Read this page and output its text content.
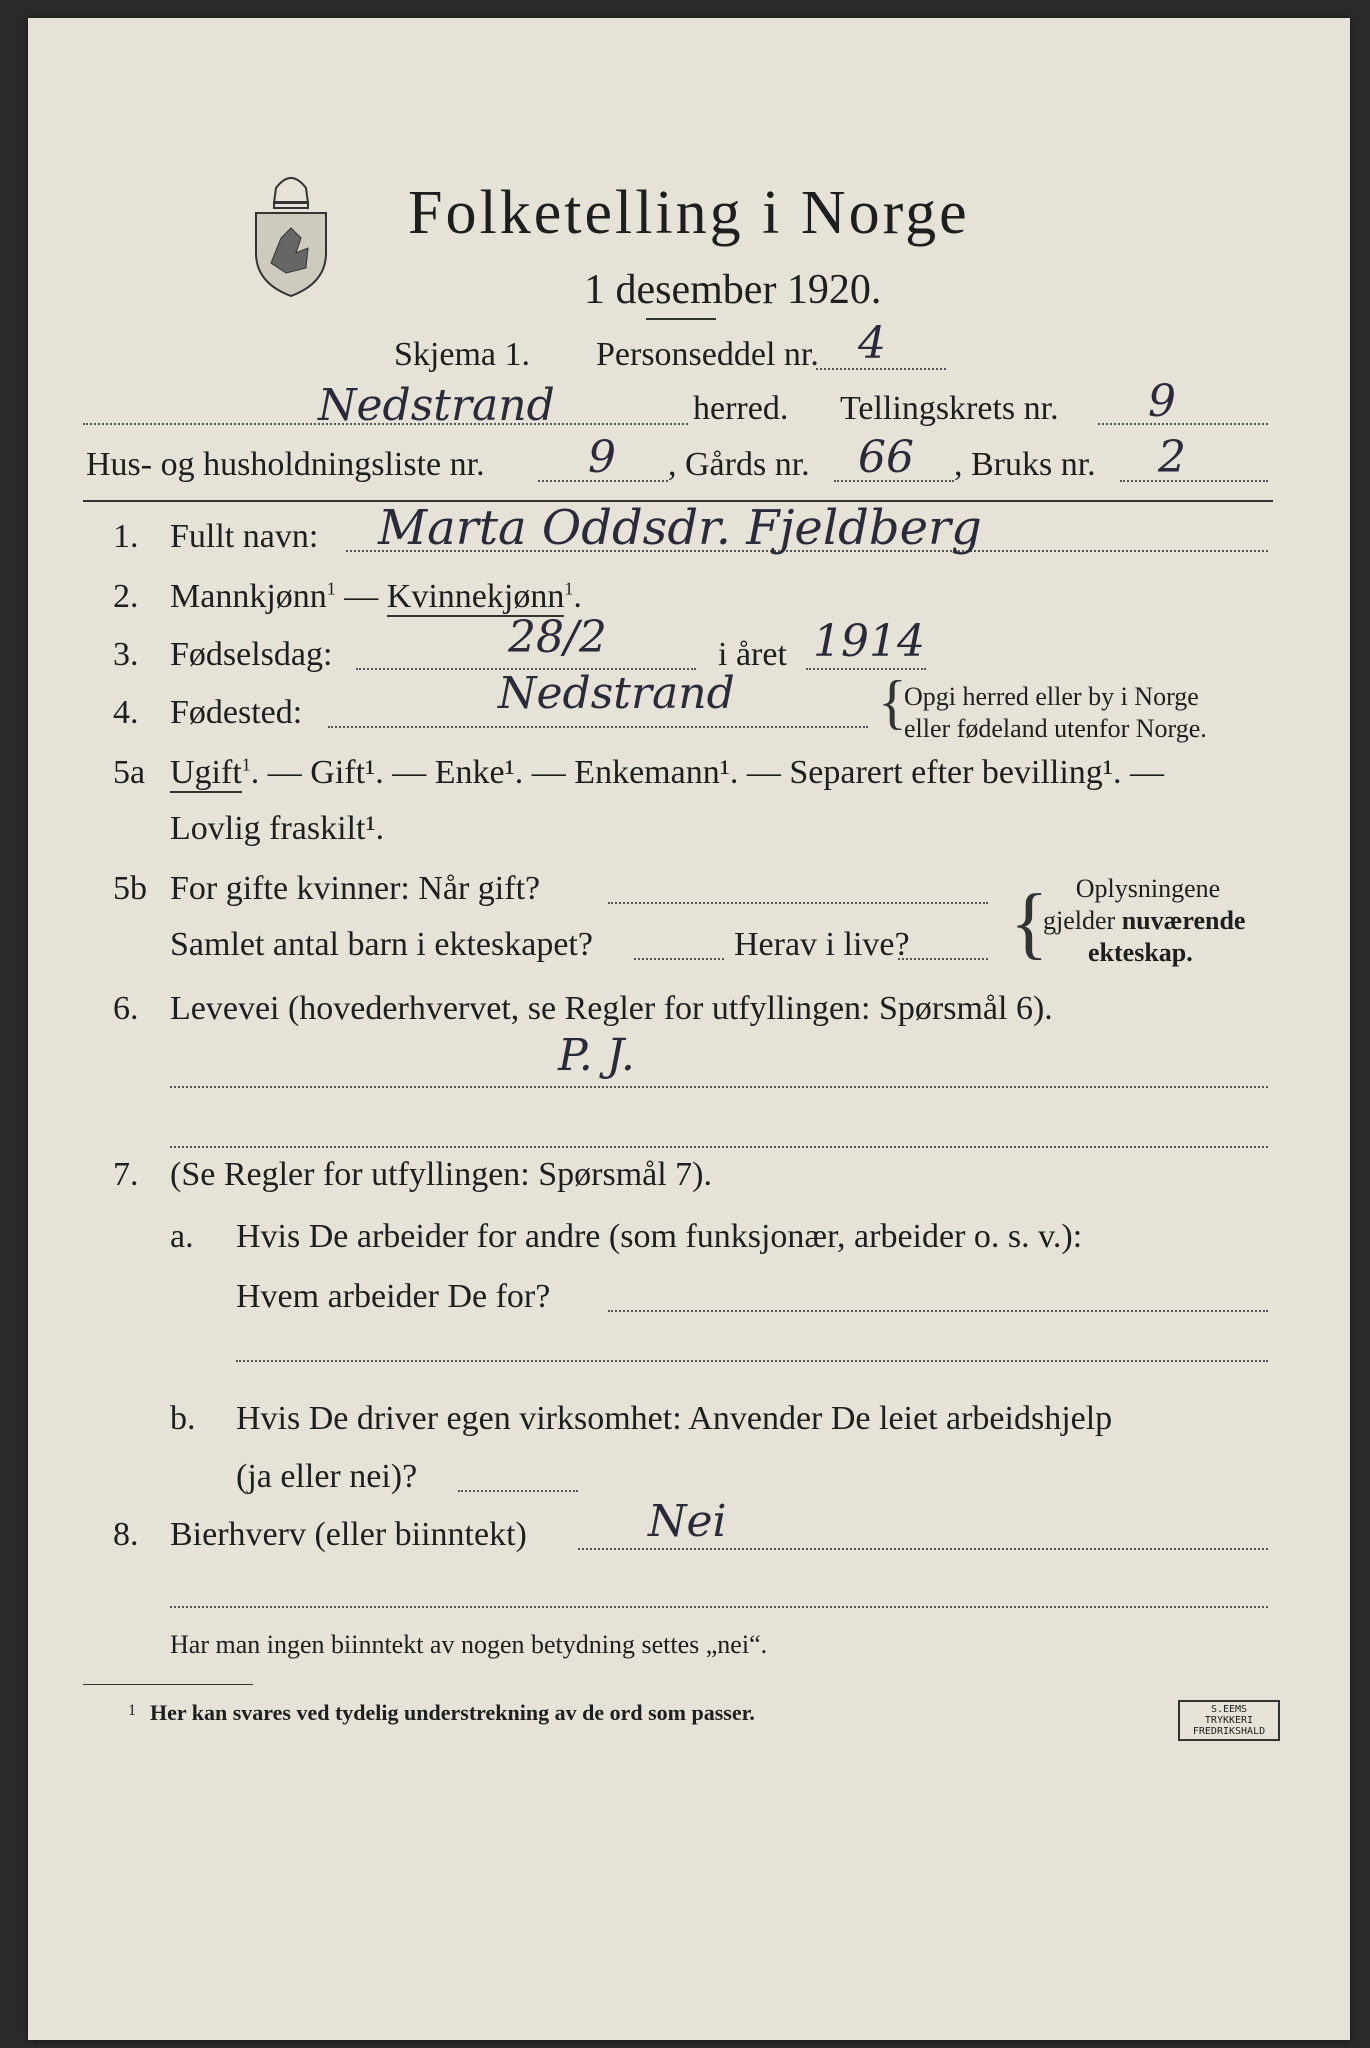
Folketelling i Norge
1 desember 1920.
Skjema 1. Personseddel nr. 4
Nedstrand	herred. Tellingskrets nr. 9
Hus- og husholdningsliste nr. 9 , Gårds nr. 66 , Bruks nr. 2
1. Fullt navn: Marta Oddsdr. Fjeldberg
2. Mannkjønn$^1$ — Kvinnekjønn$^1$.
3. Fødselsdag:	28/2	i året 1914
4. Fødested:	Nedstrand {
Opgi herred eller by i Norge
eller fødeland utenfor Norge.
5a Ugift$^1$. — Gift¹. — Enke¹. — Enkemann¹. — Separert efter bevilling¹. —
Lovlig fraskilt¹.
5b For gifte kvinner: Når gift?
Samlet antal barn i ekteskapet?	Herav i live? {	Oplysningene
gjelder nuværende
ekteskap.
6. Levevei (hovederhvervet, se Regler for utfyllingen: Spørsmål 6).
P. J.
7. (Se Regler for utfyllingen: Spørsmål 7).
a. Hvis De arbeider for andre (som funksjonær, arbeider o. s. v.):
Hvem arbeider De for?
b. Hvis De driver egen virksomhet: Anvender De leiet arbeidshjelp
(ja eller nei)?
8. Bierhverv (eller biinntekt)	Nei
Har man ingen biinntekt av nogen betydning settes „nei“.
1 Her kan svares ved tydelig understrekning av de ord som passer.	S.EEMS TRYKKERI
FREDRIKSHALD
